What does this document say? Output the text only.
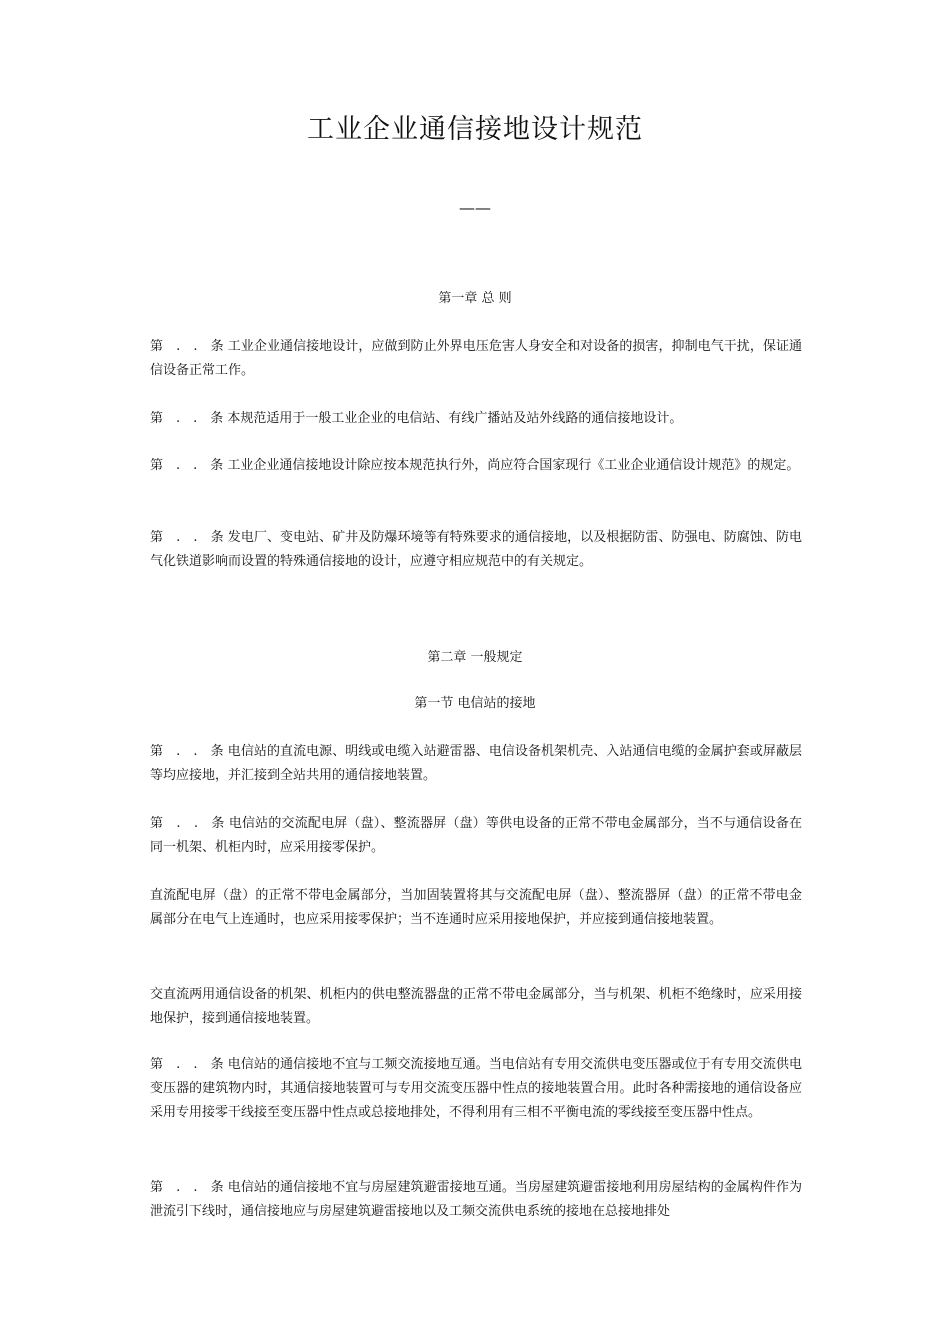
工业企业通信接地设计规范
——
第一章 总 则
第　.　.　条 工业企业通信接地设计，应做到防止外界电压危害人身安全和对设备的损害，抑制电气干扰，保证通信设备正常工作。
第　.　.　条 本规范适用于一般工业企业的电信站、有线广播站及站外线路的通信接地设计。
第　.　.　条 工业企业通信接地设计除应按本规范执行外，尚应符合国家现行《工业企业通信设计规范》的规定。
第　.　.　条 发电厂、变电站、矿井及防爆环境等有特殊要求的通信接地，以及根据防雷、防强电、防腐蚀、防电气化铁道影响而设置的特殊通信接地的设计，应遵守相应规范中的有关规定。
第二章 一般规定
第一节 电信站的接地
第　.　.　条 电信站的直流电源、明线或电缆入站避雷器、电信设备机架机壳、入站通信电缆的金属护套或屏蔽层等均应接地，并汇接到全站共用的通信接地装置。
第　.　.　条 电信站的交流配电屏（盘）、整流器屏（盘）等供电设备的正常不带电金属部分，当不与通信设备在同一机架、机柜内时，应采用接零保护。
直流配电屏（盘）的正常不带电金属部分，当加固装置将其与交流配电屏（盘）、整流器屏（盘）的正常不带电金属部分在电气上连通时，也应采用接零保护；当不连通时应采用接地保护，并应接到通信接地装置。
交直流两用通信设备的机架、机柜内的供电整流器盘的正常不带电金属部分，当与机架、机柜不绝缘时，应采用接地保护，接到通信接地装置。
第　.　.　条 电信站的通信接地不宜与工频交流接地互通。当电信站有专用交流供电变压器或位于有专用交流供电变压器的建筑物内时，其通信接地装置可与专用交流变压器中性点的接地装置合用。此时各种需接地的通信设备应采用专用接零干线接至变压器中性点或总接地排处，不得利用有三相不平衡电流的零线接至变压器中性点。
第　.　.　条 电信站的通信接地不宜与房屋建筑避雷接地互通。当房屋建筑避雷接地利用房屋结构的金属构件作为泄流引下线时，通信接地应与房屋建筑避雷接地以及工频交流供电系统的接地在总接地排处
